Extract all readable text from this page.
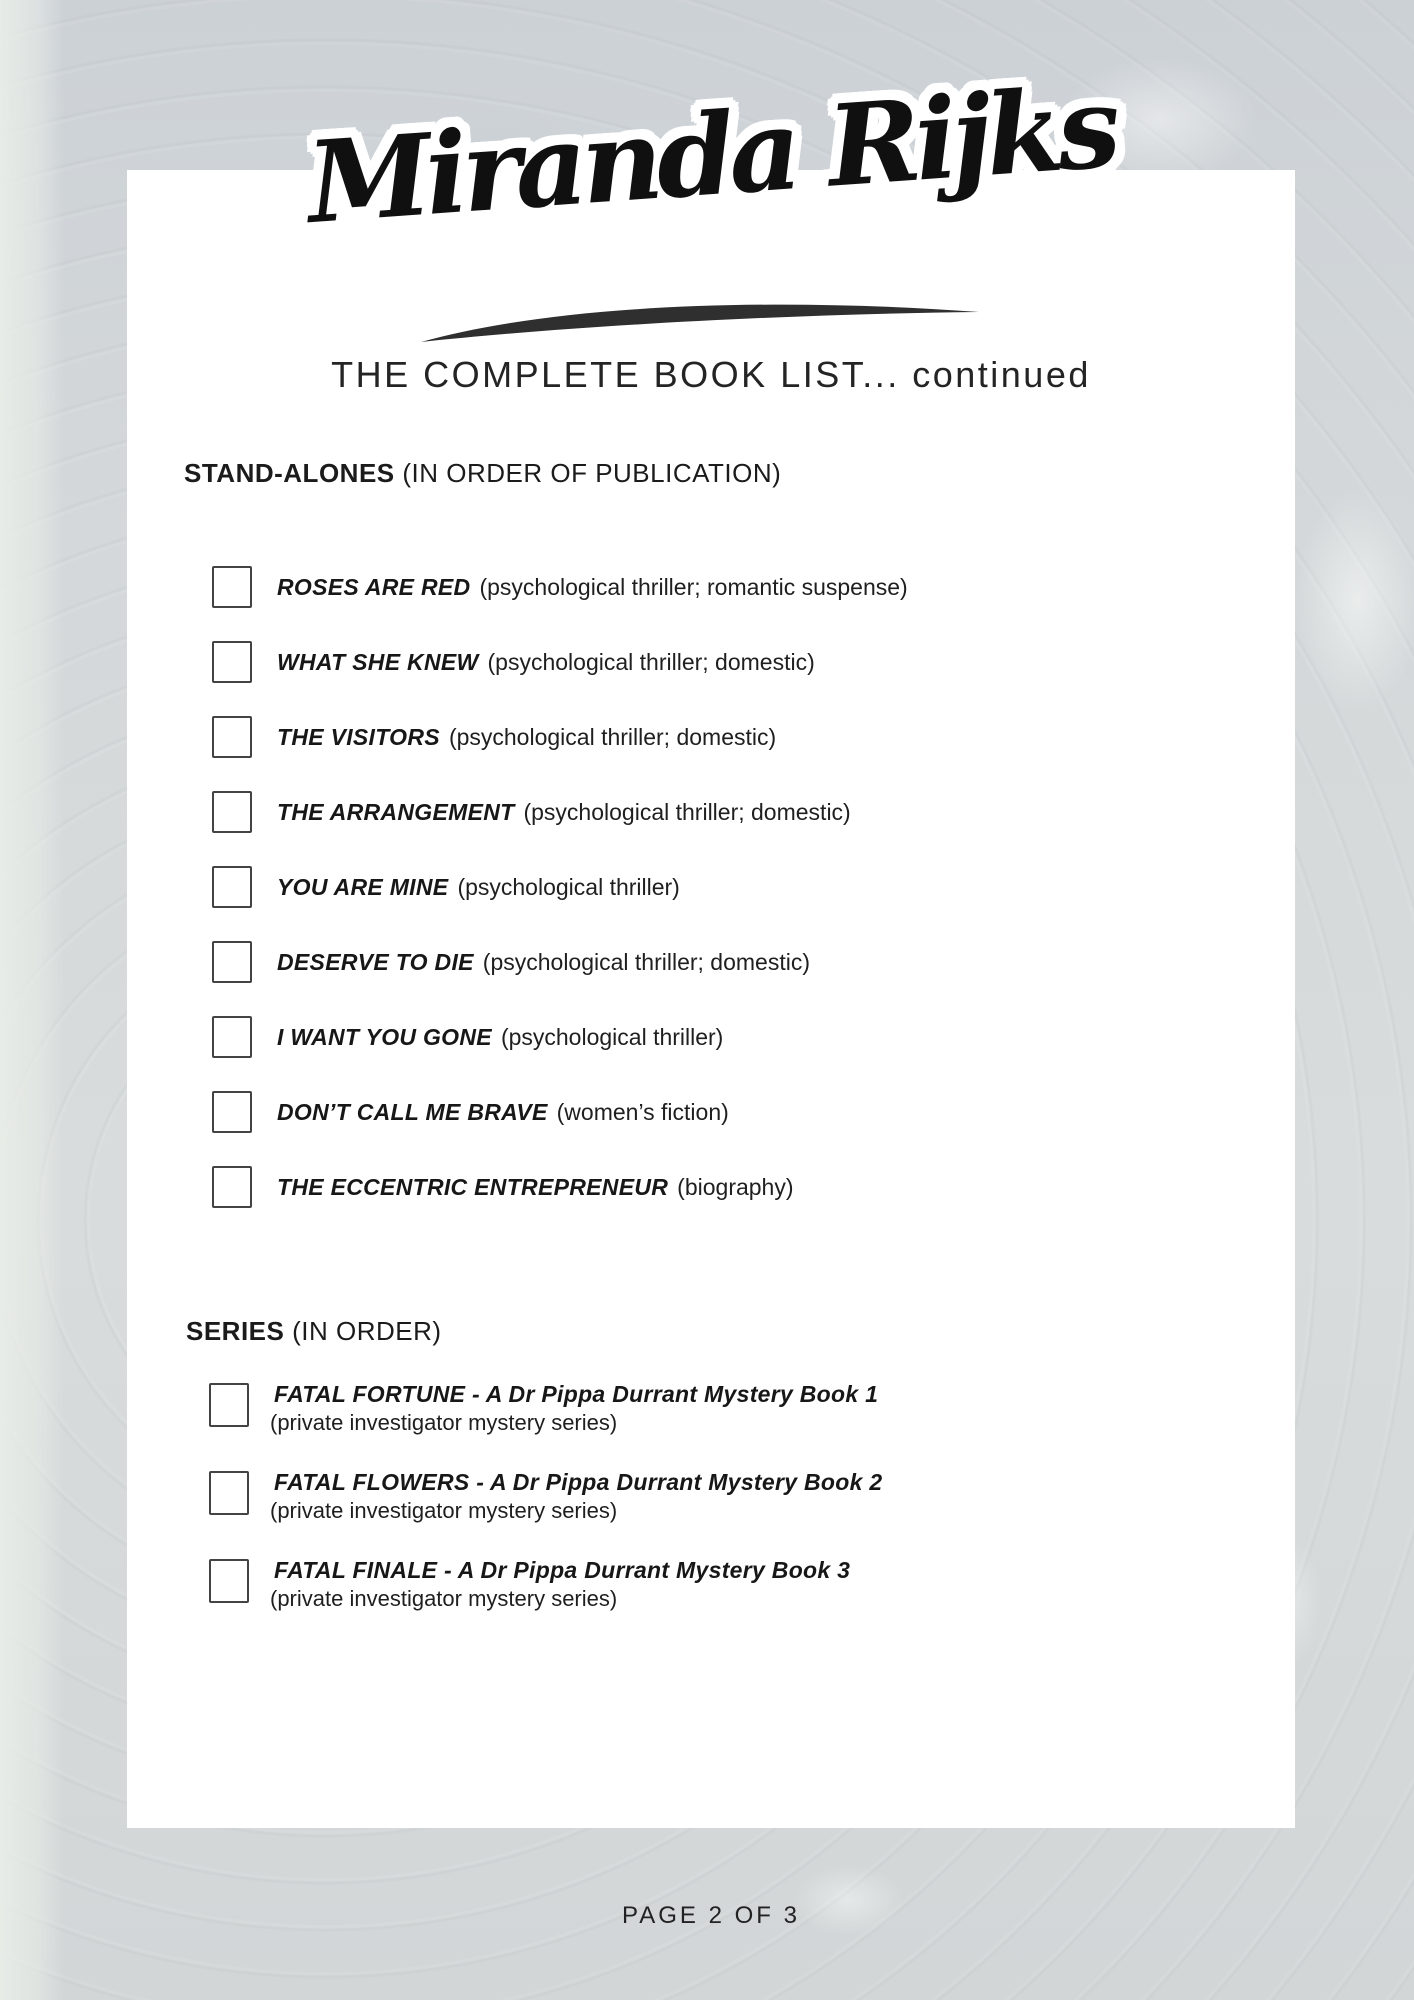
Miranda Rijks
THE COMPLETE BOOK LIST... continued
STAND-ALONES (IN ORDER OF PUBLICATION)
ROSES ARE RED (psychological thriller; romantic suspense)
WHAT SHE KNEW (psychological thriller; domestic)
THE VISITORS (psychological thriller; domestic)
THE ARRANGEMENT (psychological thriller; domestic)
YOU ARE MINE (psychological thriller)
DESERVE TO DIE (psychological thriller; domestic)
I WANT YOU GONE (psychological thriller)
DON’T CALL ME BRAVE (women’s fiction)
THE ECCENTRIC ENTREPRENEUR (biography)
SERIES (IN ORDER)
FATAL FORTUNE - A Dr Pippa Durrant Mystery Book 1
(private investigator mystery series)
FATAL FLOWERS - A Dr Pippa Durrant Mystery Book 2
(private investigator mystery series)
FATAL FINALE - A Dr Pippa Durrant Mystery Book 3
(private investigator mystery series)
PAGE 2 OF 3
